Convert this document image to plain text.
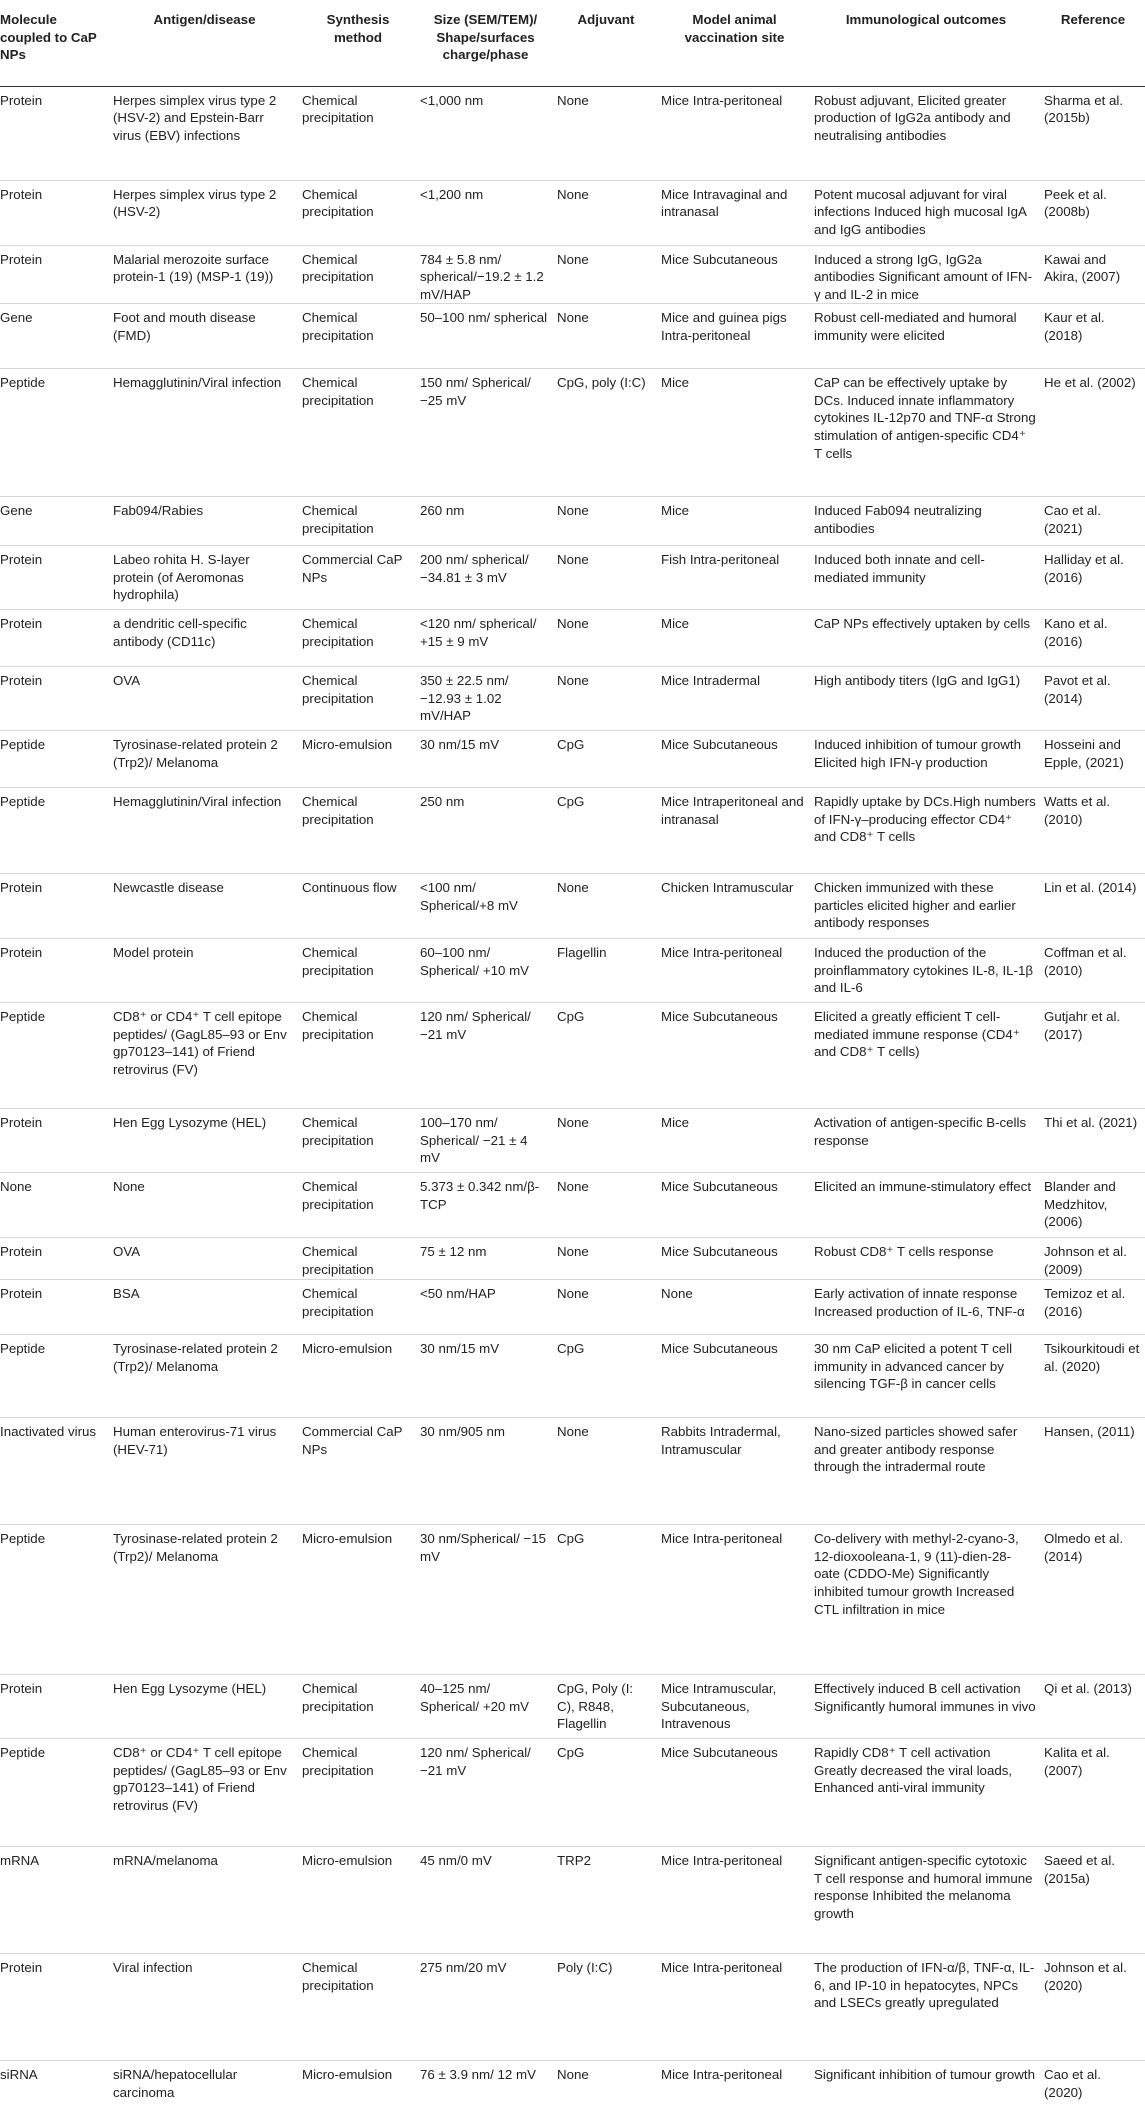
Molecule coupled to CaP NPs	Antigen/disease	Synthesis method	Size (SEM/TEM)/ Shape/surfaces charge/phase	Adjuvant	Model animal vaccination site	Immunological outcomes	Reference
Protein	Herpes simplex virus type 2 (HSV-2) and Epstein-Barr virus (EBV) infections	Chemical precipitation	<1,000 nm	None	Mice Intra-peritoneal	Robust adjuvant, Elicited greater production of IgG2a antibody and neutralising antibodies	Sharma et al. (2015b)
Protein	Herpes simplex virus type 2 (HSV-2)	Chemical precipitation	<1,200 nm	None	Mice Intravaginal and intranasal	Potent mucosal adjuvant for viral infections Induced high mucosal IgA and IgG antibodies	Peek et al. (2008b)
Protein	Malarial merozoite surface protein-1 (19) (MSP-1 (19))	Chemical precipitation	784 ± 5.8 nm/ spherical/−19.2 ± 1.2 mV/HAP	None	Mice Subcutaneous	Induced a strong IgG, IgG2a antibodies Significant amount of IFN- γ and IL-2 in mice	Kawai and Akira, (2007)
Gene	Foot and mouth disease (FMD)	Chemical precipitation	50–100 nm/ spherical	None	Mice and guinea pigs Intra-peritoneal	Robust cell-mediated and humoral immunity were elicited	Kaur et al. (2018)
Peptide	Hemagglutinin/Viral infection	Chemical precipitation	150 nm/ Spherical/ −25 mV	CpG, poly (I:C)	Mice	CaP can be effectively uptake by DCs. Induced innate inflammatory cytokines IL-12p70 and TNF-α Strong stimulation of antigen-specific CD4⁺ T cells	He et al. (2002)
Gene	Fab094/Rabies	Chemical precipitation	260 nm	None	Mice	Induced Fab094 neutralizing antibodies	Cao et al. (2021)
Protein	Labeo rohita H. S-layer protein (of Aeromonas hydrophila)	Commercial CaP NPs	200 nm/ spherical/ −34.81 ± 3 mV	None	Fish Intra-peritoneal	Induced both innate and cell-mediated immunity	Halliday et al. (2016)
Protein	a dendritic cell-specific antibody (CD11c)	Chemical precipitation	<120 nm/ spherical/ +15 ± 9 mV	None	Mice	CaP NPs effectively uptaken by cells	Kano et al. (2016)
Protein	OVA	Chemical precipitation	350 ± 22.5 nm/ −12.93 ± 1.02 mV/HAP	None	Mice Intradermal	High antibody titers (IgG and IgG1)	Pavot et al. (2014)
Peptide	Tyrosinase-related protein 2 (Trp2)/ Melanoma	Micro-emulsion	30 nm/15 mV	CpG	Mice Subcutaneous	Induced inhibition of tumour growth Elicited high IFN-γ production	Hosseini and Epple, (2021)
Peptide	Hemagglutinin/Viral infection	Chemical precipitation	250 nm	CpG	Mice Intraperitoneal and intranasal	Rapidly uptake by DCs.High numbers of IFN-γ–producing effector CD4⁺ and CD8⁺ T cells	Watts et al. (2010)
Protein	Newcastle disease	Continuous flow	<100 nm/ Spherical/+8 mV	None	Chicken Intramuscular	Chicken immunized with these particles elicited higher and earlier antibody responses	Lin et al. (2014)
Protein	Model protein	Chemical precipitation	60–100 nm/ Spherical/ +10 mV	Flagellin	Mice Intra-peritoneal	Induced the production of the proinflammatory cytokines IL-8, IL-1β and IL-6	Coffman et al. (2010)
Peptide	CD8⁺ or CD4⁺ T cell epitope peptides/ (GagL85–93 or Env gp70123–141) of Friend retrovirus (FV)	Chemical precipitation	120 nm/ Spherical/ −21 mV	CpG	Mice Subcutaneous	Elicited a greatly efficient T cell-mediated immune response (CD4⁺ and CD8⁺ T cells)	Gutjahr et al. (2017)
Protein	Hen Egg Lysozyme (HEL)	Chemical precipitation	100–170 nm/ Spherical/ −21 ± 4 mV	None	Mice	Activation of antigen-specific B-cells response	Thi et al. (2021)
None	None	Chemical precipitation	5.373 ± 0.342 nm/β-TCP	None	Mice Subcutaneous	Elicited an immune-stimulatory effect	Blander and Medzhitov, (2006)
Protein	OVA	Chemical precipitation	75 ± 12 nm	None	Mice Subcutaneous	Robust CD8⁺ T cells response	Johnson et al. (2009)
Protein	BSA	Chemical precipitation	<50 nm/HAP	None	None	Early activation of innate response Increased production of IL-6, TNF-α	Temizoz et al. (2016)
Peptide	Tyrosinase-related protein 2 (Trp2)/ Melanoma	Micro-emulsion	30 nm/15 mV	CpG	Mice Subcutaneous	30 nm CaP elicited a potent T cell immunity in advanced cancer by silencing TGF-β in cancer cells	Tsikourkitoudi et al. (2020)
Inactivated virus	Human enterovirus-71 virus (HEV-71)	Commercial CaP NPs	30 nm/905 nm	None	Rabbits Intradermal, Intramuscular	Nano-sized particles showed safer and greater antibody response through the intradermal route	Hansen, (2011)
Peptide	Tyrosinase-related protein 2 (Trp2)/ Melanoma	Micro-emulsion	30 nm/Spherical/ −15 mV	CpG	Mice Intra-peritoneal	Co-delivery with methyl-2-cyano-3, 12-dioxooleana-1, 9 (11)-dien-28-oate (CDDO-Me) Significantly inhibited tumour growth Increased CTL infiltration in mice	Olmedo et al. (2014)
Protein	Hen Egg Lysozyme (HEL)	Chemical precipitation	40–125 nm/ Spherical/ +20 mV	CpG, Poly (I: C), R848, Flagellin	Mice Intramuscular, Subcutaneous, Intravenous	Effectively induced B cell activation Significantly humoral immunes in vivo	Qi et al. (2013)
Peptide	CD8⁺ or CD4⁺ T cell epitope peptides/ (GagL85–93 or Env gp70123–141) of Friend retrovirus (FV)	Chemical precipitation	120 nm/ Spherical/ −21 mV	CpG	Mice Subcutaneous	Rapidly CD8⁺ T cell activation Greatly decreased the viral loads, Enhanced anti-viral immunity	Kalita et al. (2007)
mRNA	mRNA/melanoma	Micro-emulsion	45 nm/0 mV	TRP2	Mice Intra-peritoneal	Significant antigen-specific cytotoxic T cell response and humoral immune response Inhibited the melanoma growth	Saeed et al. (2015a)
Protein	Viral infection	Chemical precipitation	275 nm/20 mV	Poly (I:C)	Mice Intra-peritoneal	The production of IFN-α/β, TNF-α, IL-6, and IP-10 in hepatocytes, NPCs and LSECs greatly upregulated	Johnson et al. (2020)
siRNA	siRNA/hepatocellular carcinoma	Micro-emulsion	76 ± 3.9 nm/ 12 mV	None	Mice Intra-peritoneal	Significant inhibition of tumour growth	Cao et al. (2020)
